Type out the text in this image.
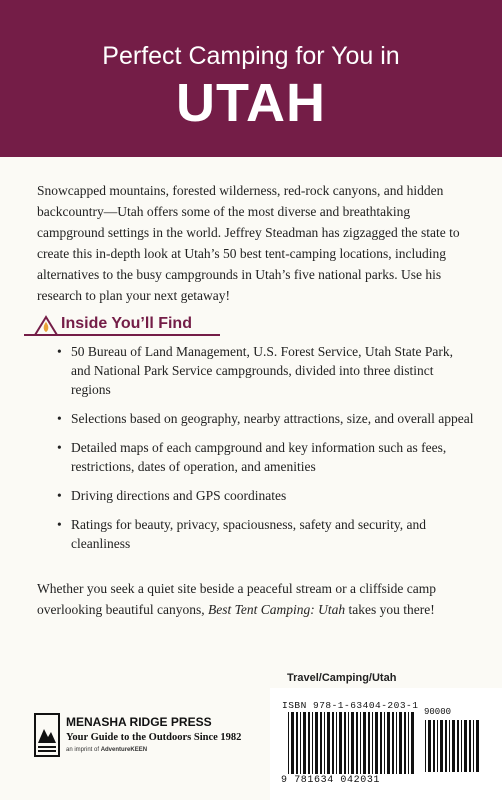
Perfect Camping for You in
UTAH
Snowcapped mountains, forested wilderness, red-rock canyons, and hidden backcountry—Utah offers some of the most diverse and breathtaking campground settings in the world. Jeffrey Steadman has zigzagged the state to create this in-depth look at Utah’s 50 best tent-camping locations, including alternatives to the busy campgrounds in Utah’s five national parks. Use his research to plan your next getaway!
Inside You’ll Find
• 50 Bureau of Land Management, U.S. Forest Service, Utah State Park, and National Park Service campgrounds, divided into three distinct regions
• Selections based on geography, nearby attractions, size, and overall appeal
• Detailed maps of each campground and key information such as fees, restrictions, dates of operation, and amenities
• Driving directions and GPS coordinates
• Ratings for beauty, privacy, spaciousness, safety and security, and cleanliness
Whether you seek a quiet site beside a peaceful stream or a cliffside camp overlooking beautiful canyons, Best Tent Camping: Utah takes you there!
Travel/Camping/Utah
MENASHA RIDGE PRESS
Your Guide to the Outdoors Since 1982
an imprint of AdventureKEEN
ISBN 978-1-63404-203-1
90000
9 781634 042031
